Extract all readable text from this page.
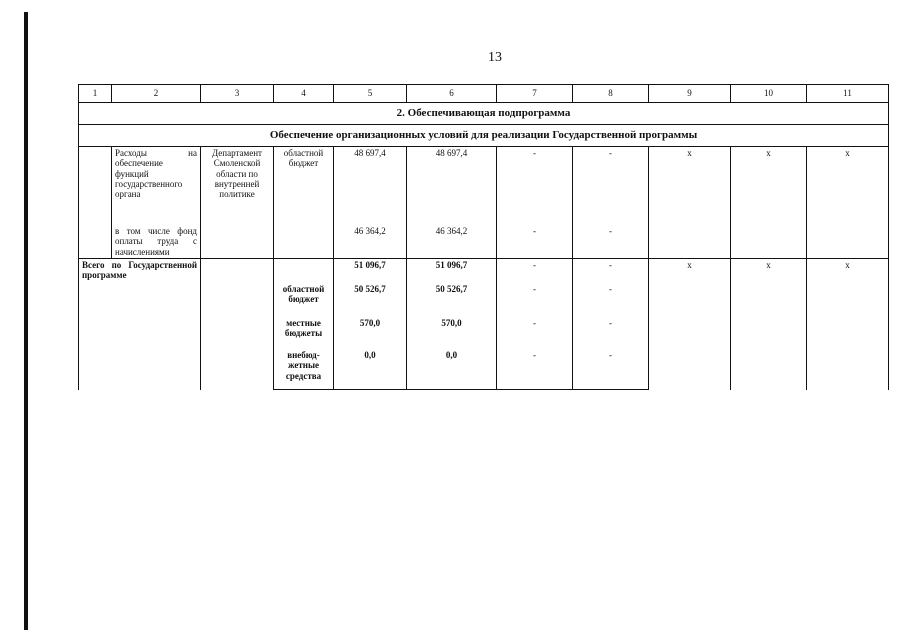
13
1	2	3	4	5	6	7	8	9	10	11
2. Обеспечивающая подпрограмма										
Обеспечение организационных условий для реализации Государственной программы										
	Расходы на обеспечение функций государственного органа	Департамент Смоленской области по внутренней политике	областной бюджет	48 697,4	48 697,4	-	-	x	x	x
	в том числе фонд оплаты труда с начислениями			46 364,2	46 364,2	-	-			
Всего по Государственной программе				51 096,7	51 096,7	-	-	x	x	x
			областной бюджет	50 526,7	50 526,7	-	-			
			местные бюджеты	570,0	570,0	-	-			
			внебюд-жетные средства	0,0	0,0	-	-			
